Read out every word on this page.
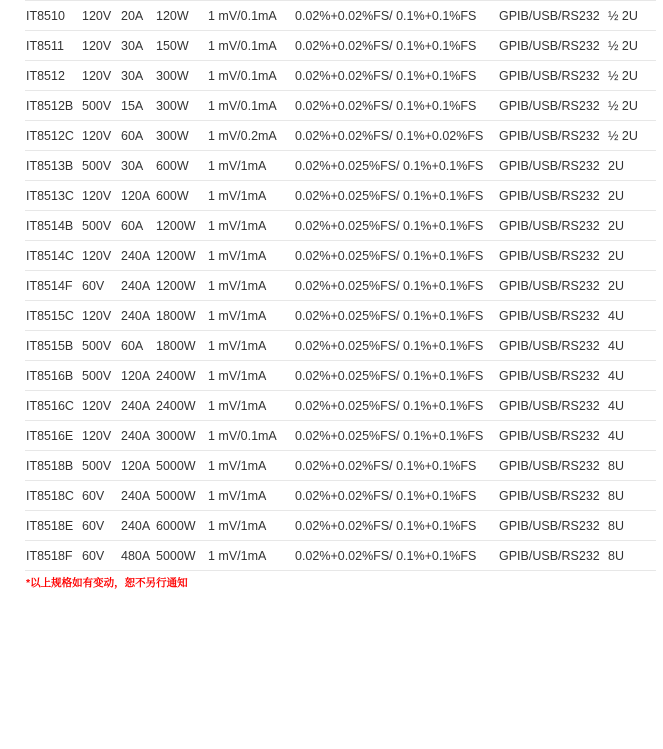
IT8510	120V 20A	120W	1 mV/0.1mA	0.02%+0.02%FS/ 0.1%+0.1%FS	GPIB/USB/RS232 ½ 2U
IT8511	120V 30A	150W	1 mV/0.1mA	0.02%+0.02%FS/ 0.1%+0.1%FS	GPIB/USB/RS232 ½ 2U
IT8512	120V 30A	300W	1 mV/0.1mA	0.02%+0.02%FS/ 0.1%+0.1%FS	GPIB/USB/RS232 ½ 2U
IT8512B 500V 15A	300W	1 mV/0.1mA	0.02%+0.02%FS/ 0.1%+0.1%FS	GPIB/USB/RS232 ½ 2U
IT8512C 120V 60A	300W	1 mV/0.2mA	0.02%+0.02%FS/ 0.1%+0.02%FS	GPIB/USB/RS232 ½ 2U
IT8513B 500V 30A	600W	1 mV/1mA	0.02%+0.025%FS/ 0.1%+0.1%FS	GPIB/USB/RS232 2U
IT8513C 120V 120A 600W	1 mV/1mA	0.02%+0.025%FS/ 0.1%+0.1%FS	GPIB/USB/RS232 2U
IT8514B 500V 60A	1200W 1 mV/1mA	0.02%+0.025%FS/ 0.1%+0.1%FS	GPIB/USB/RS232 2U
IT8514C 120V 240A 1200W 1 mV/1mA	0.02%+0.025%FS/ 0.1%+0.1%FS	GPIB/USB/RS232 2U
IT8514F 60V	240A 1200W 1 mV/1mA	0.02%+0.025%FS/ 0.1%+0.1%FS	GPIB/USB/RS232 2U
IT8515C 120V 240A 1800W 1 mV/1mA	0.02%+0.025%FS/ 0.1%+0.1%FS	GPIB/USB/RS232 4U
IT8515B 500V 60A	1800W 1 mV/1mA	0.02%+0.025%FS/ 0.1%+0.1%FS	GPIB/USB/RS232 4U
IT8516B 500V 120A 2400W 1 mV/1mA	0.02%+0.025%FS/ 0.1%+0.1%FS	GPIB/USB/RS232 4U
IT8516C 120V 240A 2400W 1 mV/1mA	0.02%+0.025%FS/ 0.1%+0.1%FS	GPIB/USB/RS232 4U
IT8516E 120V 240A 3000W 1 mV/0.1mA	0.02%+0.025%FS/ 0.1%+0.1%FS	GPIB/USB/RS232 4U
IT8518B 500V 120A 5000W 1 mV/1mA	0.02%+0.02%FS/ 0.1%+0.1%FS	GPIB/USB/RS232 8U
IT8518C 60V	240A 5000W 1 mV/1mA	0.02%+0.02%FS/ 0.1%+0.1%FS	GPIB/USB/RS232 8U
IT8518E 60V	240A 6000W 1 mV/1mA	0.02%+0.02%FS/ 0.1%+0.1%FS	GPIB/USB/RS232 8U
IT8518F 60V	480A 5000W 1 mV/1mA	0.02%+0.02%FS/ 0.1%+0.1%FS	GPIB/USB/RS232 8U
*以上规格如有变动，恕不另行通知
